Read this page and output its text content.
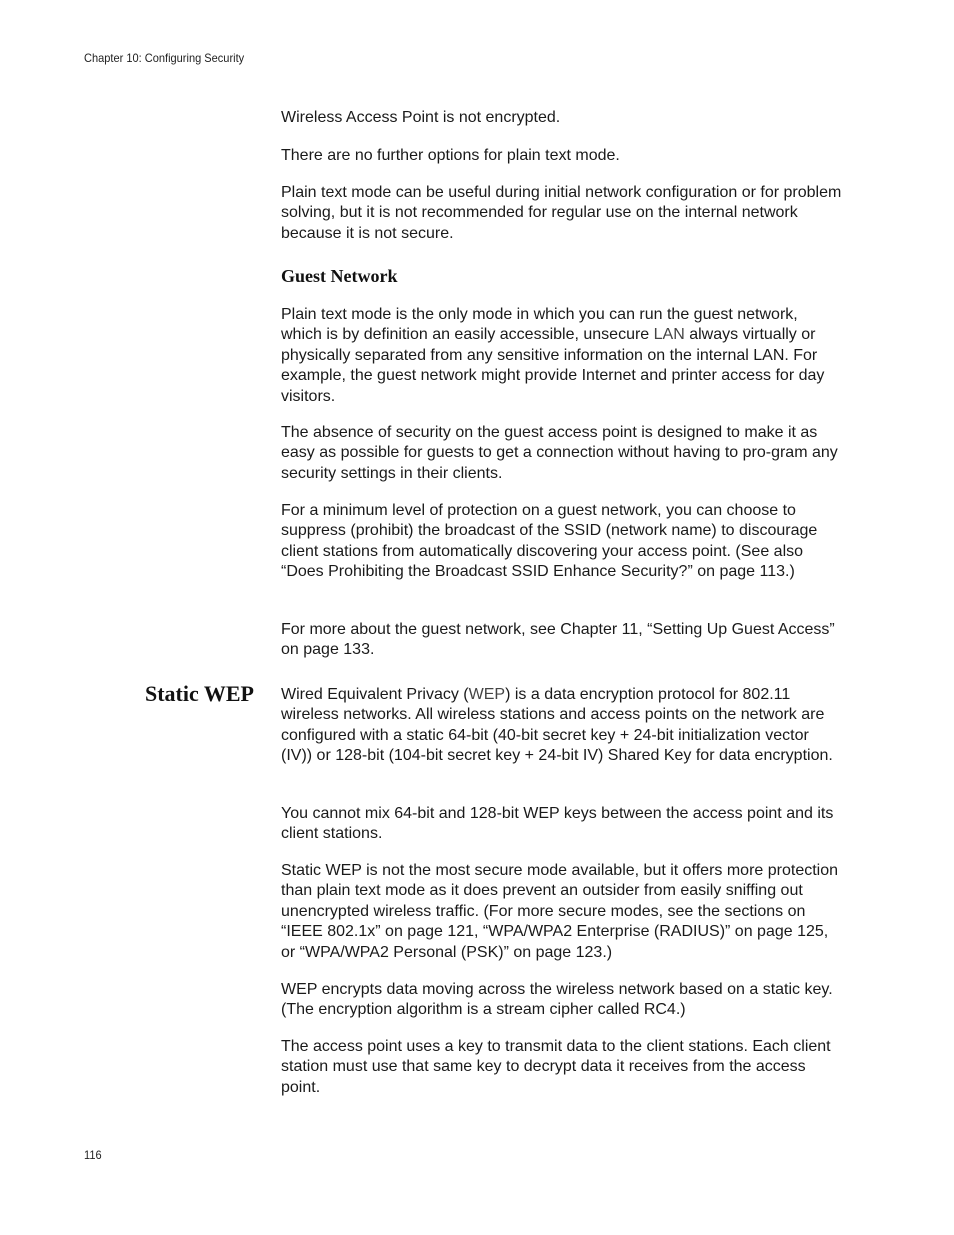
Chapter 10: Configuring Security

Wireless Access Point is not encrypted.

There are no further options for plain text mode.

Plain text mode can be useful during initial network configuration or for problem solving, but it is not recommended for regular use on the internal network because it is not secure.

Guest Network

Plain text mode is the only mode in which you can run the guest network, which is by definition an easily accessible, unsecure LAN always virtually or physically separated from any sensitive information on the internal LAN. For example, the guest network might provide Internet and printer access for day visitors.

The absence of security on the guest access point is designed to make it as easy as possible for guests to get a connection without having to pro-gram any security settings in their clients.

For a minimum level of protection on a guest network, you can choose to suppress (prohibit) the broadcast of the SSID (network name) to discourage client stations from automatically discovering your access point. (See also “Does Prohibiting the Broadcast SSID Enhance Security?” on page 113.)

For more about the guest network, see Chapter 11, “Setting Up Guest Access” on page 133.

Static WEP Wired Equivalent Privacy (WEP) is a data encryption protocol for 802.11 wireless networks. All wireless stations and access points on the network are configured with a static 64-bit (40-bit secret key + 24-bit initialization vector (IV)) or 128-bit (104-bit secret key + 24-bit IV) Shared Key for data encryption.

You cannot mix 64-bit and 128-bit WEP keys between the access point and its client stations.

Static WEP is not the most secure mode available, but it offers more protection than plain text mode as it does prevent an outsider from easily sniffing out unencrypted wireless traffic. (For more secure modes, see the sections on “IEEE 802.1x” on page 121, “WPA/WPA2 Enterprise (RADIUS)” on page 125, or “WPA/WPA2 Personal (PSK)” on page 123.)

WEP encrypts data moving across the wireless network based on a static key. (The encryption algorithm is a stream cipher called RC4.)

The access point uses a key to transmit data to the client stations. Each client station must use that same key to decrypt data it receives from the access point.

116
